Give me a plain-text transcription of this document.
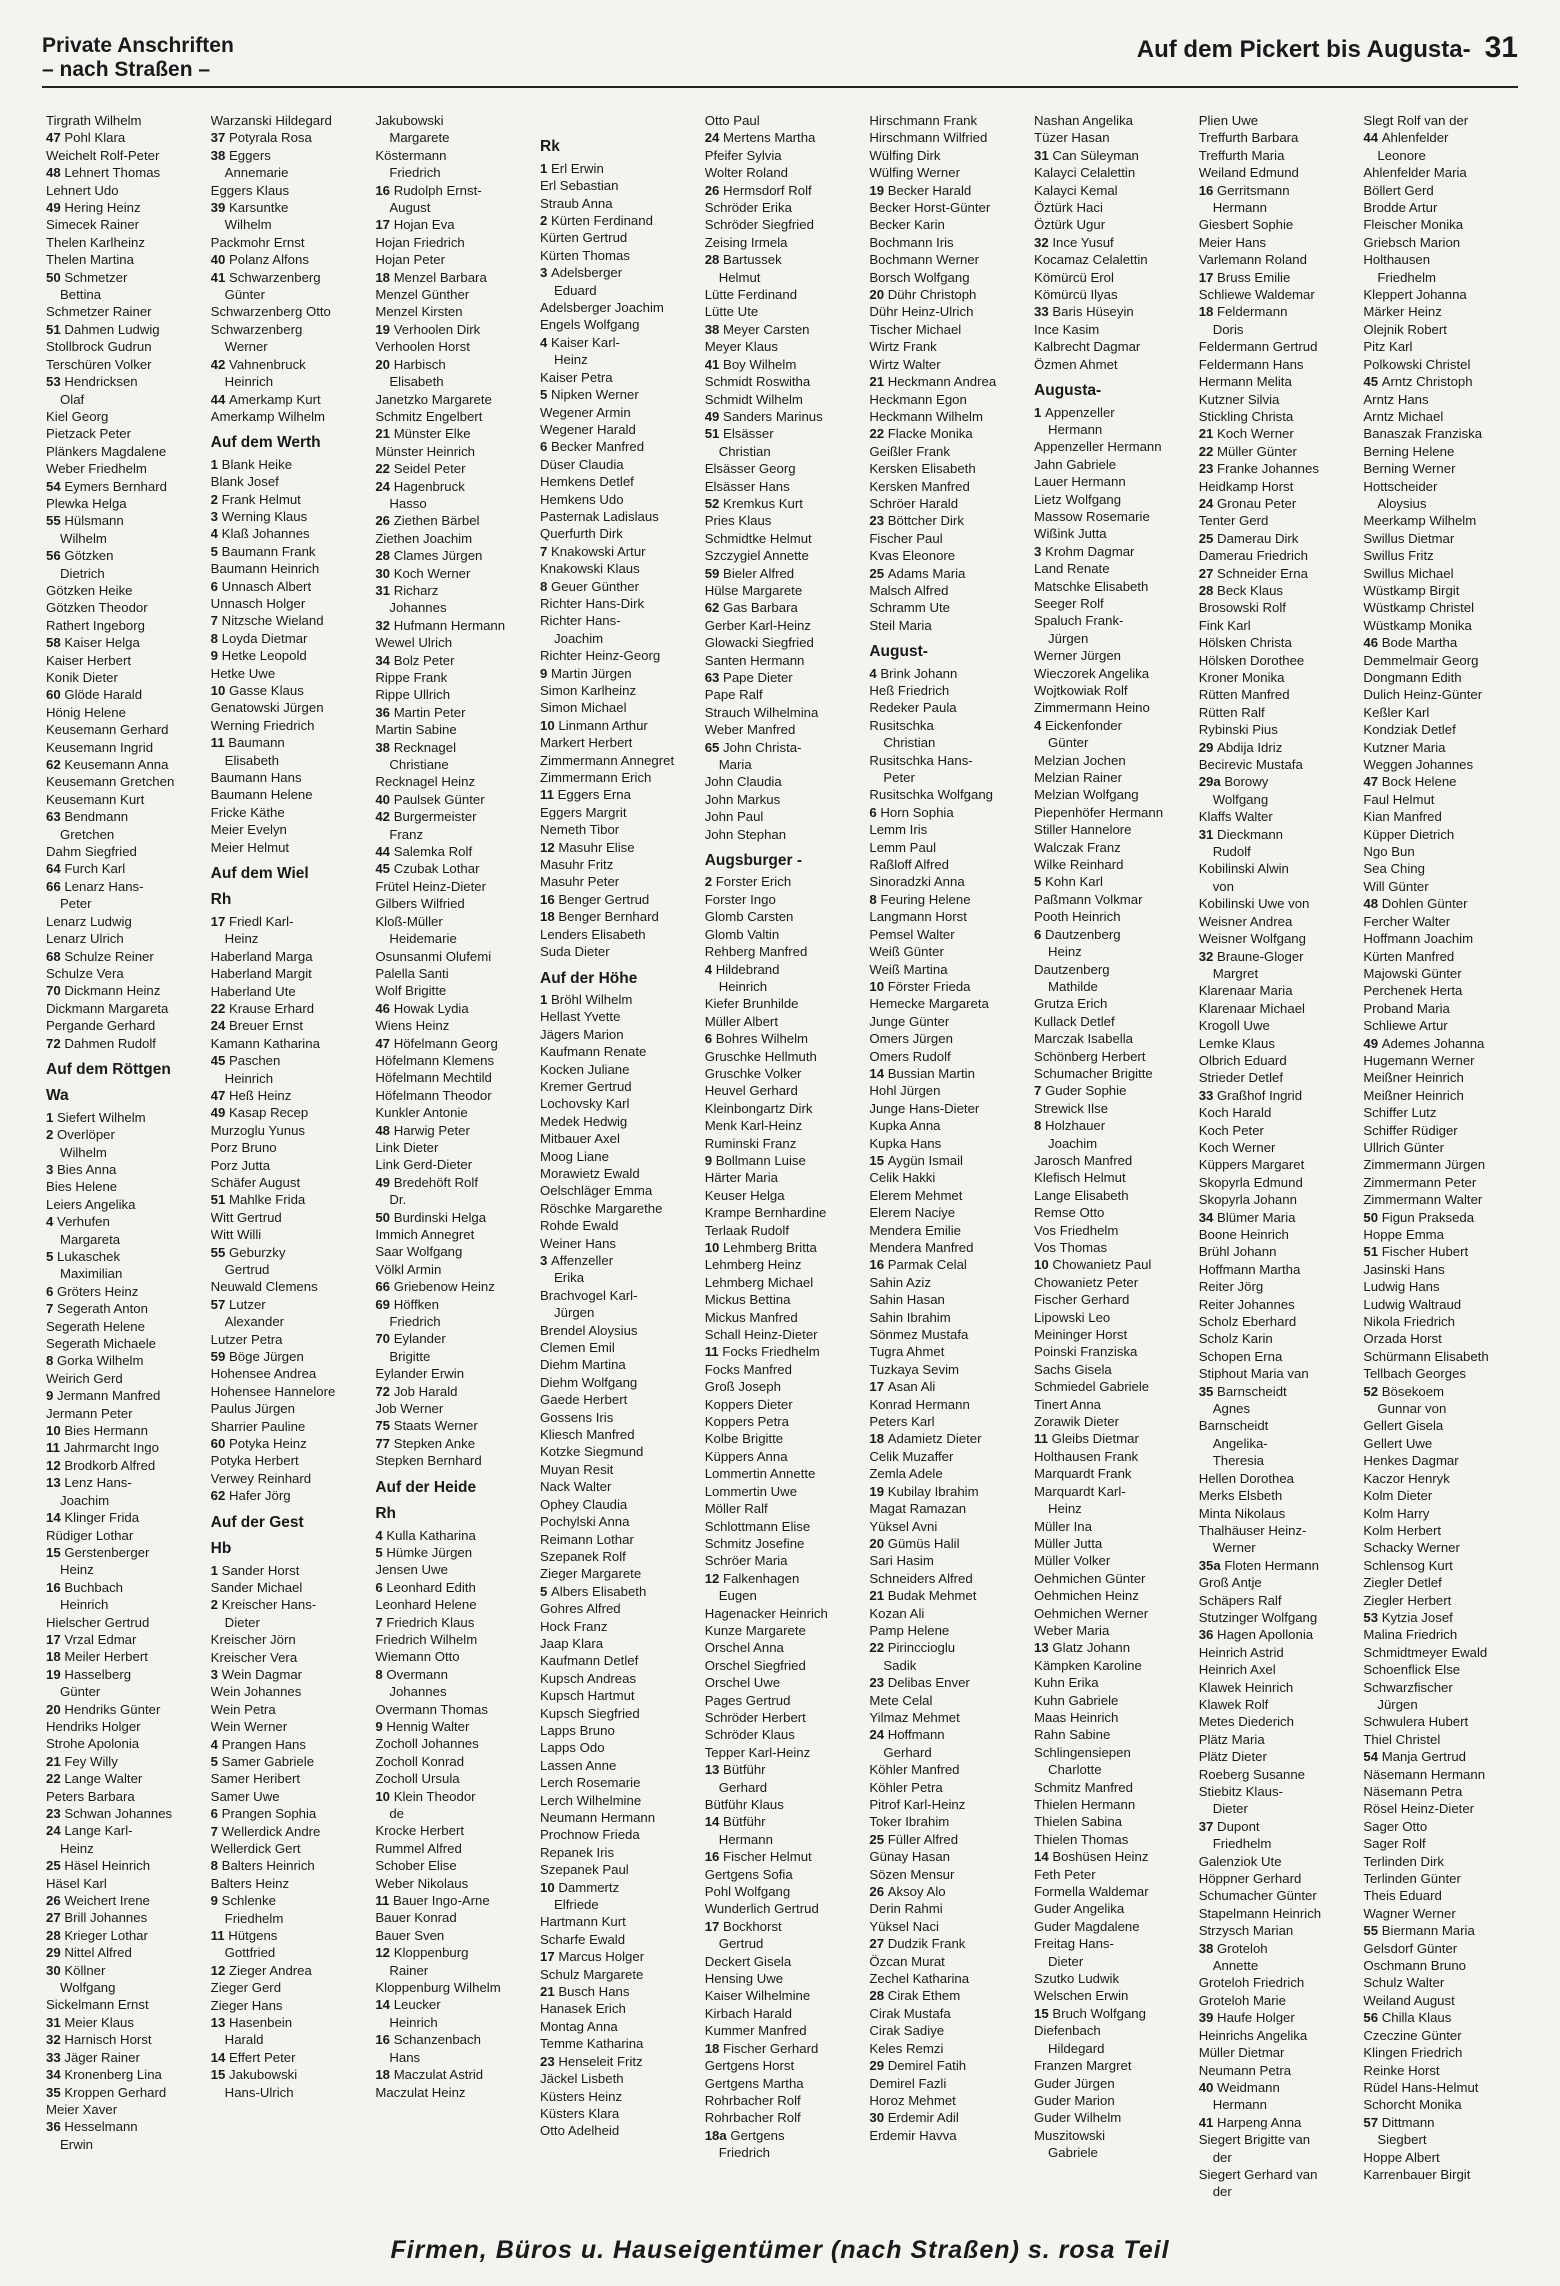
Private Anschriften
– nach Straßen –
Auf dem Pickert bis Augusta- 31
Tirgrath Wilhelm
47 Pohl Klara
Weichelt Rolf-Peter
48 Lehnert Thomas
Lehnert Udo
49 Hering Heinz
Simecek Rainer
Thelen Karlheinz
Thelen Martina
50 Schmetzer
Bettina
Schmetzer Rainer
51 Dahmen Ludwig
Stollbrock Gudrun
Terschüren Volker
53 Hendricksen
Olaf
Kiel Georg
Pietzack Peter
Plänkers Magdalene
Weber Friedhelm
54 Eymers Bernhard
Plewka Helga
55 Hülsmann
Wilhelm
56 Götzken
Dietrich
Götzken Heike
Götzken Theodor
Rathert Ingeborg
58 Kaiser Helga
Kaiser Herbert
Konik Dieter
60 Glöde Harald
Hönig Helene
Keusemann Gerhard
Keusemann Ingrid
62 Keusemann Anna
Keusemann Gretchen
Keusemann Kurt
63 Bendmann
Gretchen
Dahm Siegfried
64 Furch Karl
66 Lenarz Hans-
Peter
Lenarz Ludwig
Lenarz Ulrich
68 Schulze Reiner
Schulze Vera
70 Dickmann Heinz
Dickmann Margareta
Pergande Gerhard
72 Dahmen Rudolf
Auf dem Röttgen
Wa
1 Siefert Wilhelm
2 Overlöper
Wilhelm
3 Bies Anna
Bies Helene
Leiers Angelika
4 Verhufen
Margareta
5 Lukaschek
Maximilian
6 Gröters Heinz
7 Segerath Anton
Segerath Helene
Segerath Michaele
8 Gorka Wilhelm
Weirich Gerd
9 Jermann Manfred
Jermann Peter
10 Bies Hermann
11 Jahrmarcht Ingo
12 Brodkorb Alfred
13 Lenz Hans-
Joachim
14 Klinger Frida
Rüdiger Lothar
15 Gerstenberger
Heinz
16 Buchbach
Heinrich
Hielscher Gertrud
17 Vrzal Edmar
18 Meiler Herbert
19 Hasselberg
Günter
20 Hendriks Günter
Hendriks Holger
Strohe Apolonia
21 Fey Willy
22 Lange Walter
Peters Barbara
23 Schwan Johannes
24 Lange Karl-
Heinz
25 Häsel Heinrich
Häsel Karl
26 Weichert Irene
27 Brill Johannes
28 Krieger Lothar
29 Nittel Alfred
30 Köllner
Wolfgang
Sickelmann Ernst
31 Meier Klaus
32 Harnisch Horst
33 Jäger Rainer
34 Kronenberg Lina
35 Kroppen Gerhard
Meier Xaver
36 Hesselmann
Erwin
Warzanski Hildegard
37 Potyrala Rosa
38 Eggers
Annemarie
Eggers Klaus
39 Karsuntke
Wilhelm
Packmohr Ernst
40 Polanz Alfons
41 Schwarzenberg
Günter
Schwarzenberg Otto
Schwarzenberg
Werner
42 Vahnenbruck
Heinrich
44 Amerkamp Kurt
Amerkamp Wilhelm
Auf dem Werth
1 Blank Heike
Blank Josef
2 Frank Helmut
3 Werning Klaus
4 Klaß Johannes
5 Baumann Frank
Baumann Heinrich
6 Unnasch Albert
Unnasch Holger
7 Nitzsche Wieland
8 Loyda Dietmar
9 Hetke Leopold
Hetke Uwe
10 Gasse Klaus
Genatowski Jürgen
Werning Friedrich
11 Baumann
Elisabeth
Baumann Hans
Baumann Helene
Fricke Käthe
Meier Evelyn
Meier Helmut
Auf dem Wiel
Rh
17 Friedl Karl-
Heinz
Haberland Marga
Haberland Margit
Haberland Ute
22 Krause Erhard
24 Breuer Ernst
Kamann Katharina
45 Paschen
Heinrich
47 Heß Heinz
49 Kasap Recep
Murzoglu Yunus
Porz Bruno
Porz Jutta
Schäfer August
51 Mahlke Frida
Witt Gertrud
Witt Willi
55 Geburzky
Gertrud
Neuwald Clemens
57 Lutzer
Alexander
Lutzer Petra
59 Böge Jürgen
Hohensee Andrea
Hohensee Hannelore
Paulus Jürgen
Sharrier Pauline
60 Potyka Heinz
Potyka Herbert
Verwey Reinhard
62 Hafer Jörg
Auf der Gest
Hb
1 Sander Horst
Sander Michael
2 Kreischer Hans-
Dieter
Kreischer Jörn
Kreischer Vera
3 Wein Dagmar
Wein Johannes
Wein Petra
Wein Werner
4 Prangen Hans
5 Samer Gabriele
Samer Heribert
Samer Uwe
6 Prangen Sophia
7 Wellerdick Andre
Wellerdick Gert
8 Balters Heinrich
Balters Heinz
9 Schlenke
Friedhelm
11 Hütgens
Gottfried
12 Zieger Andrea
Zieger Gerd
Zieger Hans
13 Hasenbein
Harald
14 Effert Peter
15 Jakubowski
Hans-Ulrich
Jakubowski
Margarete
Köstermann
Friedrich
16 Rudolph Ernst-
August
17 Hojan Eva
Hojan Friedrich
Hojan Peter
18 Menzel Barbara
Menzel Günther
Menzel Kirsten
19 Verhoolen Dirk
Verhoolen Horst
20 Harbisch
Elisabeth
Janetzko Margarete
Schmitz Engelbert
21 Münster Elke
Münster Heinrich
22 Seidel Peter
24 Hagenbruck
Hasso
26 Ziethen Bärbel
Ziethen Joachim
28 Clames Jürgen
30 Koch Werner
31 Richarz
Johannes
32 Hufmann Hermann
Wewel Ulrich
34 Bolz Peter
Rippe Frank
Rippe Ullrich
36 Martin Peter
Martin Sabine
38 Recknagel
Christiane
Recknagel Heinz
40 Paulsek Günter
42 Burgermeister
Franz
44 Salemka Rolf
45 Czubak Lothar
Frütel Heinz-Dieter
Gilbers Wilfried
Kloß-Müller
Heidemarie
Osunsanmi Olufemi
Palella Santi
Wolf Brigitte
46 Howak Lydia
Wiens Heinz
47 Höfelmann Georg
Höfelmann Klemens
Höfelmann Mechtild
Höfelmann Theodor
Kunkler Antonie
48 Harwig Peter
Link Dieter
Link Gerd-Dieter
49 Bredehöft Rolf
Dr.
50 Burdinski Helga
Immich Annegret
Saar Wolfgang
Völkl Armin
66 Griebenow Heinz
69 Höffken
Friedrich
70 Eylander
Brigitte
Eylander Erwin
72 Job Harald
Job Werner
75 Staats Werner
77 Stepken Anke
Stepken Bernhard
Auf der Heide
Rh
4 Kulla Katharina
5 Hümke Jürgen
Jensen Uwe
6 Leonhard Edith
Leonhard Helene
7 Friedrich Klaus
Friedrich Wilhelm
Wiemann Otto
8 Overmann
Johannes
Overmann Thomas
9 Hennig Walter
Zocholl Johannes
Zocholl Konrad
Zocholl Ursula
10 Klein Theodor
de
Krocke Herbert
Rummel Alfred
Schober Elise
Weber Nikolaus
11 Bauer Ingo-Arne
Bauer Konrad
Bauer Sven
12 Kloppenburg
Rainer
Kloppenburg Wilhelm
14 Leucker
Heinrich
16 Schanzenbach
Hans
18 Maczulat Astrid
Maczulat Heinz

Rk
1 Erl Erwin
Erl Sebastian
Straub Anna
2 Kürten Ferdinand
Kürten Gertrud
Kürten Thomas
3 Adelsberger
Eduard
Adelsberger Joachim
Engels Wolfgang
4 Kaiser Karl-
Heinz
Kaiser Petra
5 Nipken Werner
Wegener Armin
Wegener Harald
6 Becker Manfred
Düser Claudia
Hemkens Detlef
Hemkens Udo
Pasternak Ladislaus
Querfurth Dirk
7 Knakowski Artur
Knakowski Klaus
8 Geuer Günther
Richter Hans-Dirk
Richter Hans-
Joachim
Richter Heinz-Georg
9 Martin Jürgen
Simon Karlheinz
Simon Michael
10 Linmann Arthur
Markert Herbert
Zimmermann Annegret
Zimmermann Erich
11 Eggers Erna
Eggers Margrit
Nemeth Tibor
12 Masuhr Elise
Masuhr Fritz
Masuhr Peter
16 Benger Gertrud
18 Benger Bernhard
Lenders Elisabeth
Suda Dieter
Auf der Höhe
1 Bröhl Wilhelm
Hellast Yvette
Jägers Marion
Kaufmann Renate
Kocken Juliane
Kremer Gertrud
Lochovsky Karl
Medek Hedwig
Mitbauer Axel
Moog Liane
Morawietz Ewald
Oelschläger Emma
Röschke Margarethe
Rohde Ewald
Weiner Hans
3 Affenzeller
Erika
Brachvogel Karl-
Jürgen
Brendel Aloysius
Clemen Emil
Diehm Martina
Diehm Wolfgang
Gaede Herbert
Gossens Iris
Kliesch Manfred
Kotzke Siegmund
Muyan Resit
Nack Walter
Ophey Claudia
Pochylski Anna
Reimann Lothar
Szepanek Rolf
Zieger Margarete
5 Albers Elisabeth
Gohres Alfred
Hock Franz
Jaap Klara
Kaufmann Detlef
Kupsch Andreas
Kupsch Hartmut
Kupsch Siegfried
Lapps Bruno
Lapps Odo
Lassen Anne
Lerch Rosemarie
Lerch Wilhelmine
Neumann Hermann
Prochnow Frieda
Repanek Iris
Szepanek Paul
10 Dammertz
Elfriede
Hartmann Kurt
Scharfe Ewald
17 Marcus Holger
Schulz Margarete
21 Busch Hans
Hanasek Erich
Montag Anna
Temme Katharina
23 Henseleit Fritz
Jäckel Lisbeth
Küsters Heinz
Küsters Klara
Otto Adelheid
Otto Paul
24 Mertens Martha
Pfeifer Sylvia
Wolter Roland
26 Hermsdorf Rolf
Schröder Erika
Schröder Siegfried
Zeising Irmela
28 Bartussek
Helmut
Lütte Ferdinand
Lütte Ute
38 Meyer Carsten
Meyer Klaus
41 Boy Wilhelm
Schmidt Roswitha
Schmidt Wilhelm
49 Sanders Marinus
51 Elsässer
Christian
Elsässer Georg
Elsässer Hans
52 Kremkus Kurt
Pries Klaus
Schmidtke Helmut
Szczygiel Annette
59 Bieler Alfred
Hülse Margarete
62 Gas Barbara
Gerber Karl-Heinz
Glowacki Siegfried
Santen Hermann
63 Pape Dieter
Pape Ralf
Strauch Wilhelmina
Weber Manfred
65 John Christa-
Maria
John Claudia
John Markus
John Paul
John Stephan
Augsburger -
2 Forster Erich
Forster Ingo
Glomb Carsten
Glomb Valtin
Rehberg Manfred
4 Hildebrand
Heinrich
Kiefer Brunhilde
Müller Albert
6 Bohres Wilhelm
Gruschke Hellmuth
Gruschke Volker
Heuvel Gerhard
Kleinbongartz Dirk
Menk Karl-Heinz
Ruminski Franz
9 Bollmann Luise
Härter Maria
Keuser Helga
Krampe Bernhardine
Terlaak Rudolf
10 Lehmberg Britta
Lehmberg Heinz
Lehmberg Michael
Mickus Bettina
Mickus Manfred
Schall Heinz-Dieter
11 Focks Friedhelm
Focks Manfred
Groß Joseph
Koppers Dieter
Koppers Petra
Kolbe Brigitte
Küppers Anna
Lommertin Annette
Lommertin Uwe
Möller Ralf
Schlottmann Elise
Schmitz Josefine
Schröer Maria
12 Falkenhagen
Eugen
Hagenacker Heinrich
Kunze Margarete
Orschel Anna
Orschel Siegfried
Orschel Uwe
Pages Gertrud
Schröder Herbert
Schröder Klaus
Tepper Karl-Heinz
13 Bütführ
Gerhard
Bütführ Klaus
14 Bütführ
Hermann
16 Fischer Helmut
Gertgens Sofia
Pohl Wolfgang
Wunderlich Gertrud
17 Bockhorst
Gertrud
Deckert Gisela
Hensing Uwe
Kaiser Wilhelmine
Kirbach Harald
Kummer Manfred
18 Fischer Gerhard
Gertgens Horst
Gertgens Martha
Rohrbacher Rolf
Rohrbacher Rolf
18a Gertgens
Friedrich
Hirschmann Frank
Hirschmann Wilfried
Wülfing Dirk
Wülfing Werner
19 Becker Harald
Becker Horst-Günter
Becker Karin
Bochmann Iris
Bochmann Werner
Borsch Wolfgang
20 Dühr Christoph
Dühr Heinz-Ulrich
Tischer Michael
Wirtz Frank
Wirtz Walter
21 Heckmann Andrea
Heckmann Egon
Heckmann Wilhelm
22 Flacke Monika
Geißler Frank
Kersken Elisabeth
Kersken Manfred
Schröer Harald
23 Böttcher Dirk
Fischer Paul
Kvas Eleonore
25 Adams Maria
Malsch Alfred
Schramm Ute
Steil Maria
August-
4 Brink Johann
Heß Friedrich
Redeker Paula
Rusitschka
Christian
Rusitschka Hans-
Peter
Rusitschka Wolfgang
6 Horn Sophia
Lemm Iris
Lemm Paul
Raßloff Alfred
Sinoradzki Anna
8 Feuring Helene
Langmann Horst
Pemsel Walter
Weiß Günter
Weiß Martina
10 Förster Frieda
Hemecke Margareta
Junge Günter
Omers Jürgen
Omers Rudolf
14 Bussian Martin
Hohl Jürgen
Junge Hans-Dieter
Kupka Anna
Kupka Hans
15 Aygün Ismail
Celik Hakki
Elerem Mehmet
Elerem Naciye
Mendera Emilie
Mendera Manfred
16 Parmak Celal
Sahin Aziz
Sahin Hasan
Sahin Ibrahim
Sönmez Mustafa
Tugra Ahmet
Tuzkaya Sevim
17 Asan Ali
Konrad Hermann
Peters Karl
18 Adamietz Dieter
Celik Muzaffer
Zemla Adele
19 Kubilay Ibrahim
Magat Ramazan
Yüksel Avni
20 Gümüs Halil
Sari Hasim
Schneiders Alfred
21 Budak Mehmet
Kozan Ali
Pamp Helene
22 Pirinccioglu
Sadik
23 Delibas Enver
Mete Celal
Yilmaz Mehmet
24 Hoffmann
Gerhard
Köhler Manfred
Köhler Petra
Pitrof Karl-Heinz
Toker Ibrahim
25 Füller Alfred
Günay Hasan
Sözen Mensur
26 Aksoy Alo
Derin Rahmi
Yüksel Naci
27 Dudzik Frank
Özcan Murat
Zechel Katharina
28 Cirak Ethem
Cirak Mustafa
Cirak Sadiye
Keles Remzi
29 Demirel Fatih
Demirel Fazli
Horoz Mehmet
30 Erdemir Adil
Erdemir Havva
Nashan Angelika
Tüzer Hasan
31 Can Süleyman
Kalayci Celalettin
Kalayci Kemal
Öztürk Haci
Öztürk Ugur
32 Ince Yusuf
Kocamaz Celalettin
Kömürcü Erol
Kömürcü Ilyas
33 Baris Hüseyin
Ince Kasim
Kalbrecht Dagmar
Özmen Ahmet
Augusta-
1 Appenzeller
Hermann
Appenzeller Hermann
Jahn Gabriele
Lauer Hermann
Lietz Wolfgang
Massow Rosemarie
Wißink Jutta
3 Krohm Dagmar
Land Renate
Matschke Elisabeth
Seeger Rolf
Spaluch Frank-
Jürgen
Werner Jürgen
Wieczorek Angelika
Wojtkowiak Rolf
Zimmermann Heino
4 Eickenfonder
Günter
Melzian Jochen
Melzian Rainer
Melzian Wolfgang
Piepenhöfer Hermann
Stiller Hannelore
Walczak Franz
Wilke Reinhard
5 Kohn Karl
Paßmann Volkmar
Pooth Heinrich
6 Dautzenberg
Heinz
Dautzenberg
Mathilde
Grutza Erich
Kullack Detlef
Marczak Isabella
Schönberg Herbert
Schumacher Brigitte
7 Guder Sophie
Strewick Ilse
8 Holzhauer
Joachim
Jarosch Manfred
Klefisch Helmut
Lange Elisabeth
Remse Otto
Vos Friedhelm
Vos Thomas
10 Chowanietz Paul
Chowanietz Peter
Fischer Gerhard
Lipowski Leo
Meininger Horst
Poinski Franziska
Sachs Gisela
Schmiedel Gabriele
Tinert Anna
Zorawik Dieter
11 Gleibs Dietmar
Holthausen Frank
Marquardt Frank
Marquardt Karl-
Heinz
Müller Ina
Müller Jutta
Müller Volker
Oehmichen Günter
Oehmichen Heinz
Oehmichen Werner
Weber Maria
13 Glatz Johann
Kämpken Karoline
Kuhn Erika
Kuhn Gabriele
Maas Heinrich
Rahn Sabine
Schlingensiepen
Charlotte
Schmitz Manfred
Thielen Hermann
Thielen Sabina
Thielen Thomas
14 Boshüsen Heinz
Feth Peter
Formella Waldemar
Guder Angelika
Guder Magdalene
Freitag Hans-
Dieter
Szutko Ludwik
Welschen Erwin
15 Bruch Wolfgang
Diefenbach
Hildegard
Franzen Margret
Guder Jürgen
Guder Marion
Guder Wilhelm
Muszitowski
Gabriele
Plien Uwe
Treffurth Barbara
Treffurth Maria
Weiland Edmund
16 Gerritsmann
Hermann
Giesbert Sophie
Meier Hans
Varlemann Roland
17 Bruss Emilie
Schliewe Waldemar
18 Feldermann
Doris
Feldermann Gertrud
Feldermann Hans
Hermann Melita
Kutzner Silvia
Stickling Christa
21 Koch Werner
22 Müller Günter
23 Franke Johannes
Heidkamp Horst
24 Gronau Peter
Tenter Gerd
25 Damerau Dirk
Damerau Friedrich
27 Schneider Erna
28 Beck Klaus
Brosowski Rolf
Fink Karl
Hölsken Christa
Hölsken Dorothee
Kroner Monika
Rütten Manfred
Rütten Ralf
Rybinski Pius
29 Abdija Idriz
Becirevic Mustafa
29a Borowy
Wolfgang
Klaffs Walter
31 Dieckmann
Rudolf
Kobilinski Alwin
von
Kobilinski Uwe von
Weisner Andrea
Weisner Wolfgang
32 Braune-Gloger
Margret
Klarenaar Maria
Klarenaar Michael
Krogoll Uwe
Lemke Klaus
Olbrich Eduard
Strieder Detlef
33 Graßhof Ingrid
Koch Harald
Koch Peter
Koch Werner
Küppers Margaret
Skopyrla Edmund
Skopyrla Johann
34 Blümer Maria
Boone Heinrich
Brühl Johann
Hoffmann Martha
Reiter Jörg
Reiter Johannes
Scholz Eberhard
Scholz Karin
Schopen Erna
Stiphout Maria van
35 Barnscheidt
Agnes
Barnscheidt
Angelika-
Theresia
Hellen Dorothea
Merks Elsbeth
Minta Nikolaus
Thalhäuser Heinz-
Werner
35a Floten Hermann
Groß Antje
Schäpers Ralf
Stutzinger Wolfgang
36 Hagen Apollonia
Heinrich Astrid
Heinrich Axel
Klawek Heinrich
Klawek Rolf
Metes Diederich
Plätz Maria
Plätz Dieter
Roeberg Susanne
Stiebitz Klaus-
Dieter
37 Dupont
Friedhelm
Galenziok Ute
Höppner Gerhard
Schumacher Günter
Stapelmann Heinrich
Strzysch Marian
38 Groteloh
Annette
Groteloh Friedrich
Groteloh Marie
39 Haufe Holger
Heinrichs Angelika
Müller Dietmar
Neumann Petra
40 Weidmann
Hermann
41 Harpeng Anna
Siegert Brigitte van
der
Siegert Gerhard van
der
Slegt Rolf van der
44 Ahlenfelder
Leonore
Ahlenfelder Maria
Böllert Gerd
Brodde Artur
Fleischer Monika
Griebsch Marion
Holthausen
Friedhelm
Kleppert Johanna
Märker Heinz
Olejnik Robert
Pitz Karl
Polkowski Christel
45 Arntz Christoph
Arntz Hans
Arntz Michael
Banaszak Franziska
Berning Helene
Berning Werner
Hottscheider
Aloysius
Meerkamp Wilhelm
Swillus Dietmar
Swillus Fritz
Swillus Michael
Wüstkamp Birgit
Wüstkamp Christel
Wüstkamp Monika
46 Bode Martha
Demmelmair Georg
Dongmann Edith
Dulich Heinz-Günter
Keßler Karl
Kondziak Detlef
Kutzner Maria
Weggen Johannes
47 Bock Helene
Faul Helmut
Kian Manfred
Küpper Dietrich
Ngo Bun
Sea Ching
Will Günter
48 Dohlen Günter
Fercher Walter
Hoffmann Joachim
Kürten Manfred
Majowski Günter
Perchenek Herta
Proband Maria
Schliewe Artur
49 Ademes Johanna
Hugemann Werner
Meißner Heinrich
Meißner Heinrich
Schiffer Lutz
Schiffer Rüdiger
Ullrich Günter
Zimmermann Jürgen
Zimmermann Peter
Zimmermann Walter
50 Figun Prakseda
Hoppe Emma
51 Fischer Hubert
Jasinski Hans
Ludwig Hans
Ludwig Waltraud
Nikola Friedrich
Orzada Horst
Schürmann Elisabeth
Tellbach Georges
52 Bösekoem
Gunnar von
Gellert Gisela
Gellert Uwe
Henkes Dagmar
Kaczor Henryk
Kolm Dieter
Kolm Harry
Kolm Herbert
Schacky Werner
Schlensog Kurt
Ziegler Detlef
Ziegler Herbert
53 Kytzia Josef
Malina Friedrich
Schmidtmeyer Ewald
Schoenflick Else
Schwarzfischer
Jürgen
Schwulera Hubert
Thiel Christel
54 Manja Gertrud
Näsemann Hermann
Näsemann Petra
Rösel Heinz-Dieter
Sager Otto
Sager Rolf
Terlinden Dirk
Terlinden Günter
Theis Eduard
Wagner Werner
55 Biermann Maria
Gelsdorf Günter
Oschmann Bruno
Schulz Walter
Weiland August
56 Chilla Klaus
Czeczine Günter
Klingen Friedrich
Reinke Horst
Rüdel Hans-Helmut
Schorcht Monika
57 Dittmann
Siegbert
Hoppe Albert
Karrenbauer Birgit
Firmen, Büros u. Hauseigentümer (nach Straßen) s. rosa Teil
